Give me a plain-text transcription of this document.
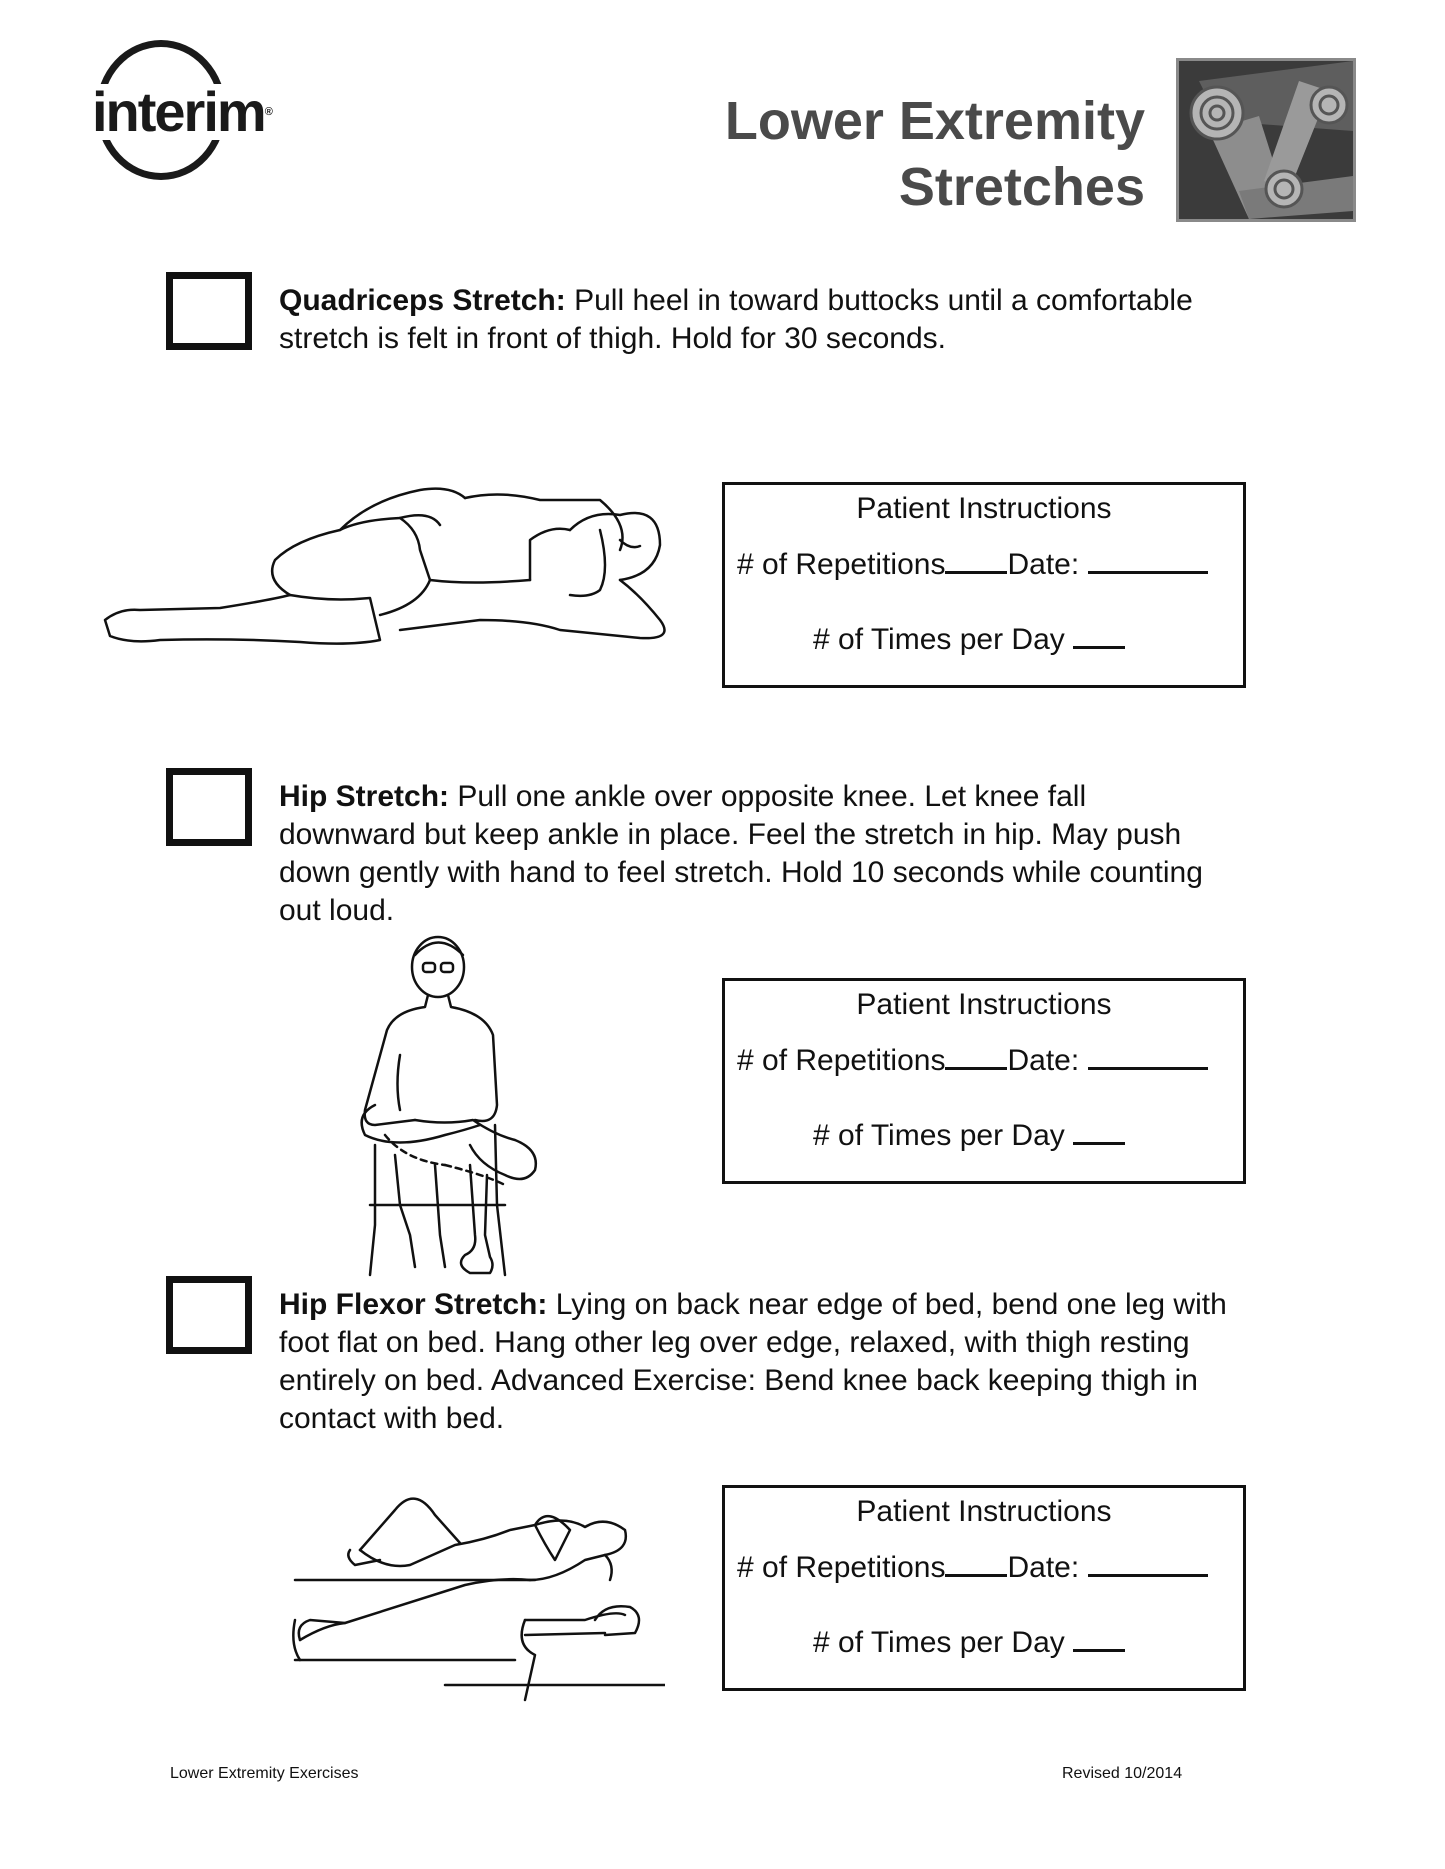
interim®	Lower Extremity
Stretches
Quadriceps Stretch: Pull heel in toward buttocks until a comfortable stretch is felt in front of thigh. Hold for 30 seconds.
Patient Instructions
# of Repetitions Date:
# of Times per Day
Hip Stretch: Pull one ankle over opposite knee. Let knee fall downward but keep ankle in place. Feel the stretch in hip. May push down gently with hand to feel stretch. Hold 10 seconds while counting out loud.
Patient Instructions
# of Repetitions Date:
# of Times per Day
Hip Flexor Stretch: Lying on back near edge of bed, bend one leg with foot flat on bed. Hang other leg over edge, relaxed, with thigh resting entirely on bed. Advanced Exercise: Bend knee back keeping thigh in contact with bed.
Patient Instructions
# of Repetitions Date:
# of Times per Day
Lower Extremity Exercises	Revised 10/2014
